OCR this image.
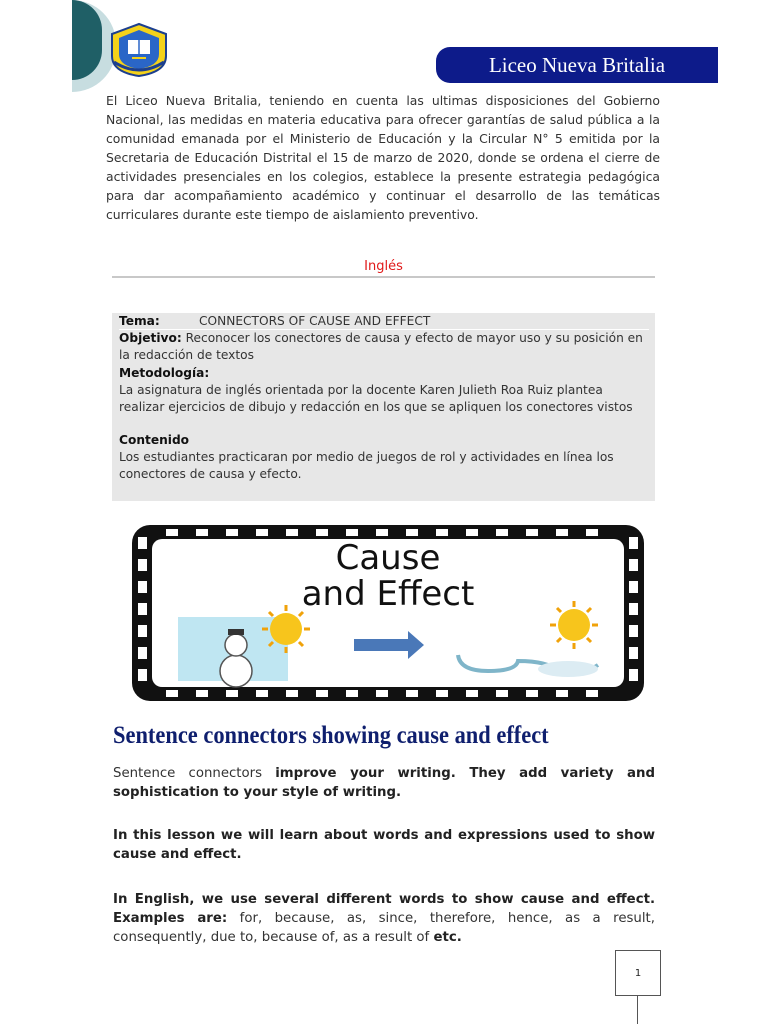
Liceo Nueva Britalia

El Liceo Nueva Britalia, teniendo en cuenta las ultimas disposiciones del Gobierno Nacional, las medidas en materia educativa para ofrecer garantías de salud pública a la comunidad emanada por el Ministerio de Educación y la Circular N° 5 emitida por la Secretaria de Educación Distrital el 15 de marzo de 2020, donde se ordena el cierre de actividades presenciales en los colegios, establece la presente estrategia pedagógica para dar acompañamiento académico y continuar el desarrollo de las temáticas curriculares durante este tiempo de aislamiento preventivo.

Inglés
Tema:	CONNECTORS OF CAUSE AND EFFECT
Objetivo: Reconocer los conectores de causa y efecto de mayor uso y su posición en la redacción de textos
Metodología:
La asignatura de inglés orientada por la docente Karen Julieth Roa Ruiz plantea realizar ejercicios de dibujo y redacción en los que se apliquen los conectores vistos
Contenido
Los estudiantes practicaran por medio de juegos de rol y actividades en línea los conectores de causa y efecto.
Cause
and Effect
Sentence connectors showing cause and effect

Sentence connectors improve your writing. They add variety and sophistication to your style of writing.

In this lesson we will learn about words and expressions used to show cause and effect.

In English, we use several different words to show cause and effect. Examples are: for, because, as, since, therefore, hence, as a result, consequently, due to, because of, as a result of etc.

1
